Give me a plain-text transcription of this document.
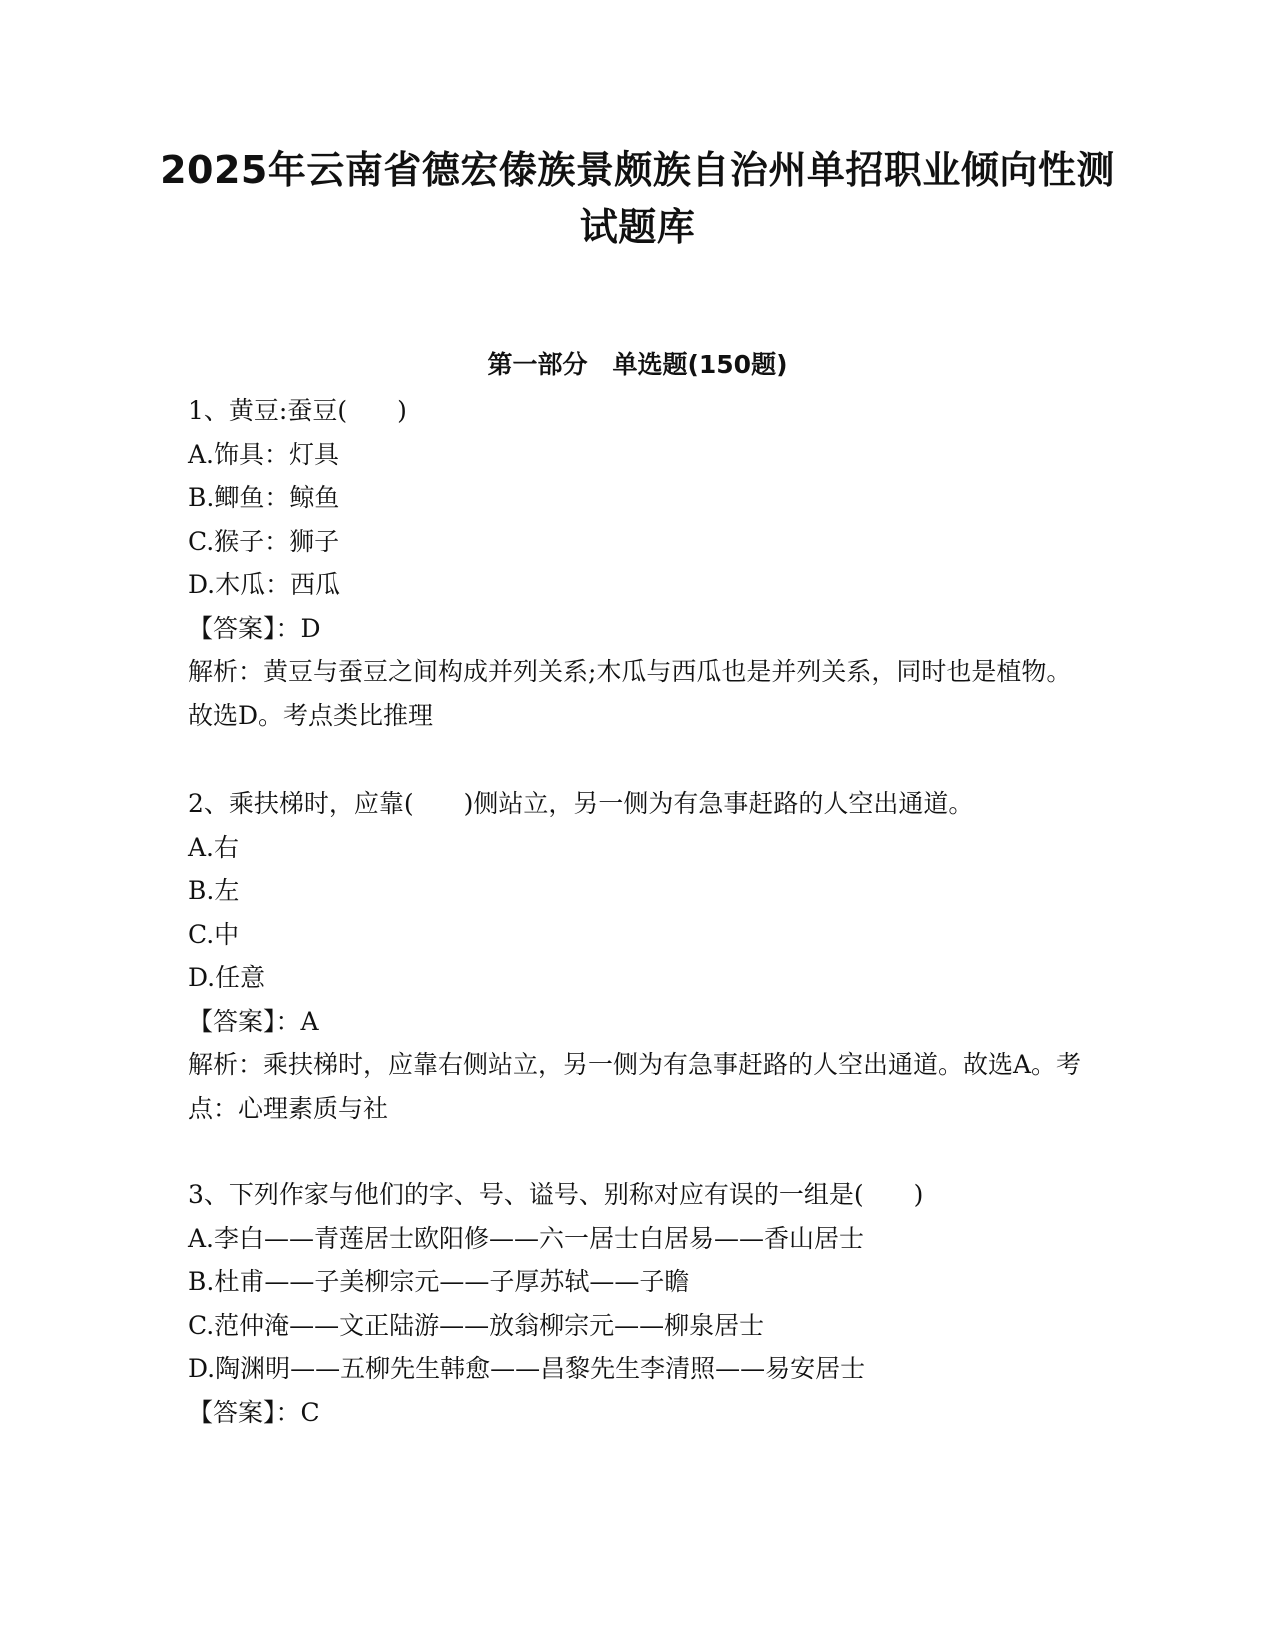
2025年云南省德宏傣族景颇族自治州单招职业倾向性测试题库
第一部分　单选题(150题)
1、黄豆:蚕豆(　　)
A.饰具：灯具
B.鲫鱼：鲸鱼
C.猴子：狮子
D.木瓜：西瓜
【答案】：D
解析：黄豆与蚕豆之间构成并列关系;木瓜与西瓜也是并列关系，同时也是植物。故选D。考点类比推理
2、乘扶梯时，应靠(　　)侧站立，另一侧为有急事赶路的人空出通道。
A.右
B.左
C.中
D.任意
【答案】：A
解析：乘扶梯时，应靠右侧站立，另一侧为有急事赶路的人空出通道。故选A。考点：心理素质与社
3、下列作家与他们的字、号、谥号、别称对应有误的一组是(　　)
A.李白——青莲居士欧阳修——六一居士白居易——香山居士
B.杜甫——子美柳宗元——子厚苏轼——子瞻
C.范仲淹——文正陆游——放翁柳宗元——柳泉居士
D.陶渊明——五柳先生韩愈——昌黎先生李清照——易安居士
【答案】：C
